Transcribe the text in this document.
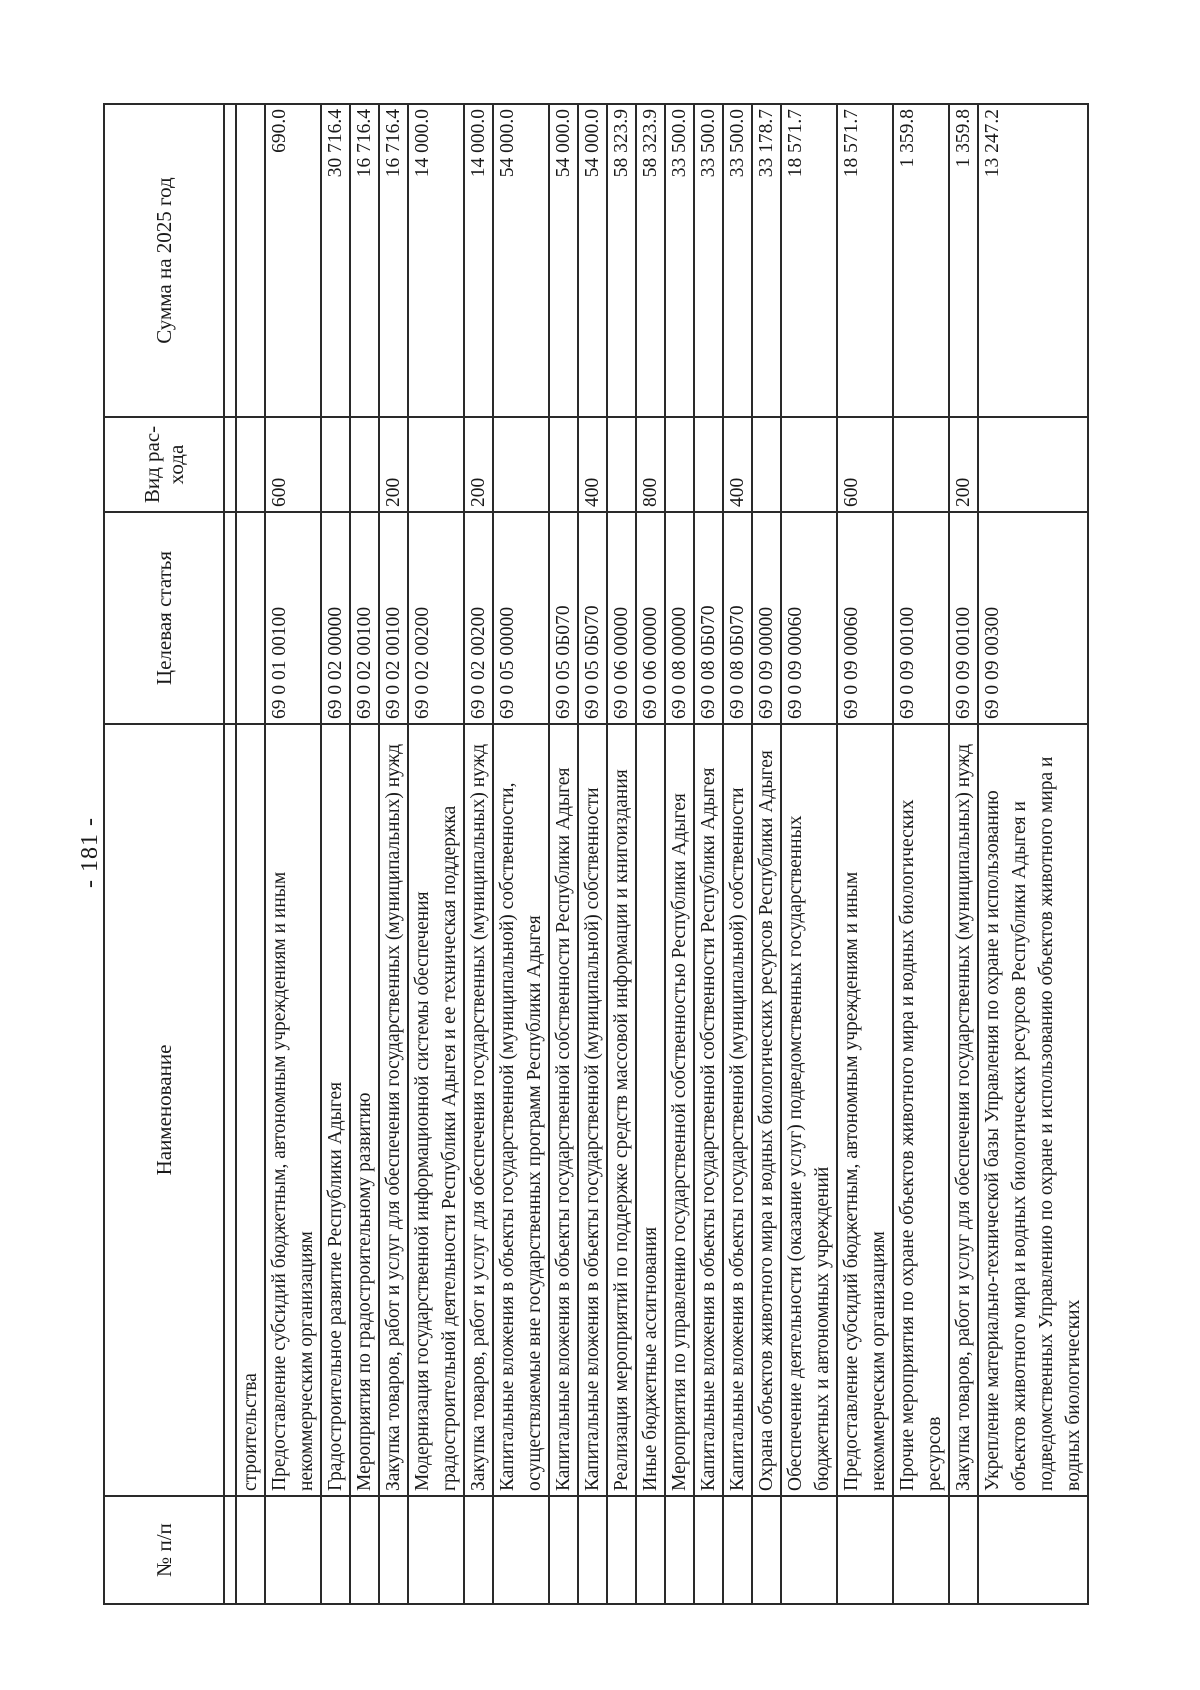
- 181 -
№ п/п	Наименование	Целевая статья	Вид рас- хода	Сумма на 2025 год

	строительства			
	Предоставление субсидий бюджетным, автономным учреждениям и иным некоммерческим организациям	69 0 01 00100	600	690.0
	Градостроительное развитие Республики Адыгея	69 0 02 00000		30 716.4
	Мероприятия по градостроительному развитию	69 0 02 00100		16 716.4
	Закупка товаров, работ и услуг для обеспечения государственных (муниципальных) нужд	69 0 02 00100	200	16 716.4
	Модернизация государственной информационной системы обеспечения градостроительной деятельности Республики Адыгея и ее техническая поддержка	69 0 02 00200		14 000.0
	Закупка товаров, работ и услуг для обеспечения государственных (муниципальных) нужд	69 0 02 00200	200	14 000.0
	Капитальные вложения в объекты государственной (муниципальной) собственности, осуществляемые вне государственных программ Республики Адыгея	69 0 05 00000		54 000.0
	Капитальные вложения в объекты государственной собственности Республики Адыгея	69 0 05 0Б070		54 000.0
	Капитальные вложения в объекты государственной (муниципальной) собственности	69 0 05 0Б070	400	54 000.0
	Реализация мероприятий по поддержке средств массовой информации и книгоиздания	69 0 06 00000		58 323.9
	Иные бюджетные ассигнования	69 0 06 00000	800	58 323.9
	Мероприятия по управлению государственной собственностью Республики Адыгея	69 0 08 00000		33 500.0
	Капитальные вложения в объекты государственной собственности Республики Адыгея	69 0 08 0Б070		33 500.0
	Капитальные вложения в объекты государственной (муниципальной) собственности	69 0 08 0Б070	400	33 500.0
	Охрана объектов животного мира и водных биологических ресурсов Республики Адыгея	69 0 09 00000		33 178.7
	Обеспечение деятельности (оказание услуг) подведомственных государственных бюджетных и автономных учреждений	69 0 09 00060		18 571.7
	Предоставление субсидий бюджетным, автономным учреждениям и иным некоммерческим организациям	69 0 09 00060	600	18 571.7
	Прочие мероприятия по охране объектов животного мира и водных биологических ресурсов	69 0 09 00100		1 359.8
	Закупка товаров, работ и услуг для обеспечения государственных (муниципальных) нужд	69 0 09 00100	200	1 359.8
	Укрепление материально-технической базы Управления по охране и использованию объектов животного мира и водных биологических ресурсов Республики Адыгея и подведомственных Управлению по охране и использованию объектов животного мира и водных биологических	69 0 09 00300		13 247.2
